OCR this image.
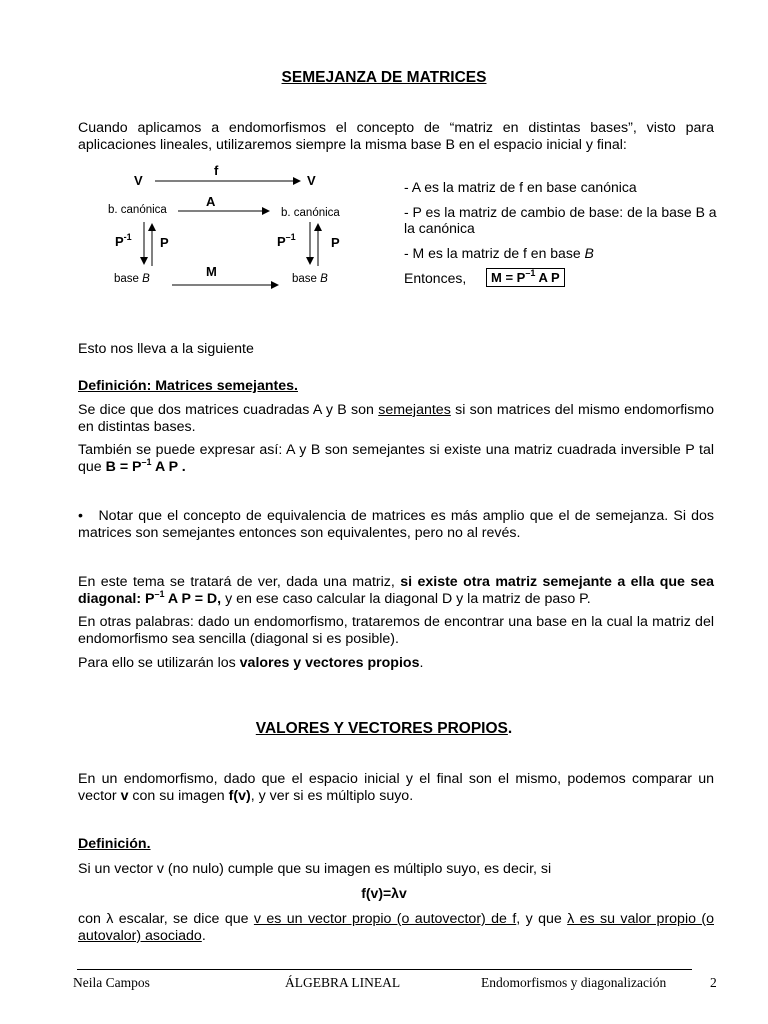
SEMEJANZA DE MATRICES
Cuando aplicamos a endomorfismos el concepto de “matriz en distintas bases”, visto para aplicaciones lineales, utilizaremos siempre la misma base B en el espacio inicial y final:
V	V
f
A
M
b. canónica	b. canónica
$P^{-1}$ P	$P^{-1}$	P
base B	base B
- A es la matriz de f en base canónica
- P es la matriz de cambio de base: de la base B a la canónica
- M es la matriz de f en base B
Entonces,	$M = P^{-1}$ A P
Esto nos lleva a la siguiente
Definición: Matrices semejantes.
Se dice que dos matrices cuadradas A y B son semejantes si son matrices del mismo endomorfismo en distintas bases.
También se puede expresar así: A y B son semejantes si existe una matriz cuadrada inversible P tal que $B = P^{-1}$ A P .
• Notar que el concepto de equivalencia de matrices es más amplio que el de semejanza. Si dos matrices son semejantes entonces son equivalentes, pero no al revés.
En este tema se tratará de ver, dada una matriz, si existe otra matriz semejante a ella que sea diagonal: $P^{-1}$ A P = D, y en ese caso calcular la diagonal D y la matriz de paso P.
En otras palabras: dado un endomorfismo, trataremos de encontrar una base en la cual la matriz del endomorfismo sea sencilla (diagonal si es posible).
Para ello se utilizarán los valores y vectores propios.
VALORES Y VECTORES PROPIOS.
En un endomorfismo, dado que el espacio inicial y el final son el mismo, podemos comparar un vector v con su imagen f(v), y ver si es múltiplo suyo.
Definición.
Si un vector v (no nulo) cumple que su imagen es múltiplo suyo, es decir, si
f(v)=λv
con λ escalar, se dice que v es un vector propio (o autovector) de f, y que λ es su valor propio (o autovalor) asociado.
Neila Campos	ÁLGEBRA LINEAL	Endomorfismos y diagonalización	2
